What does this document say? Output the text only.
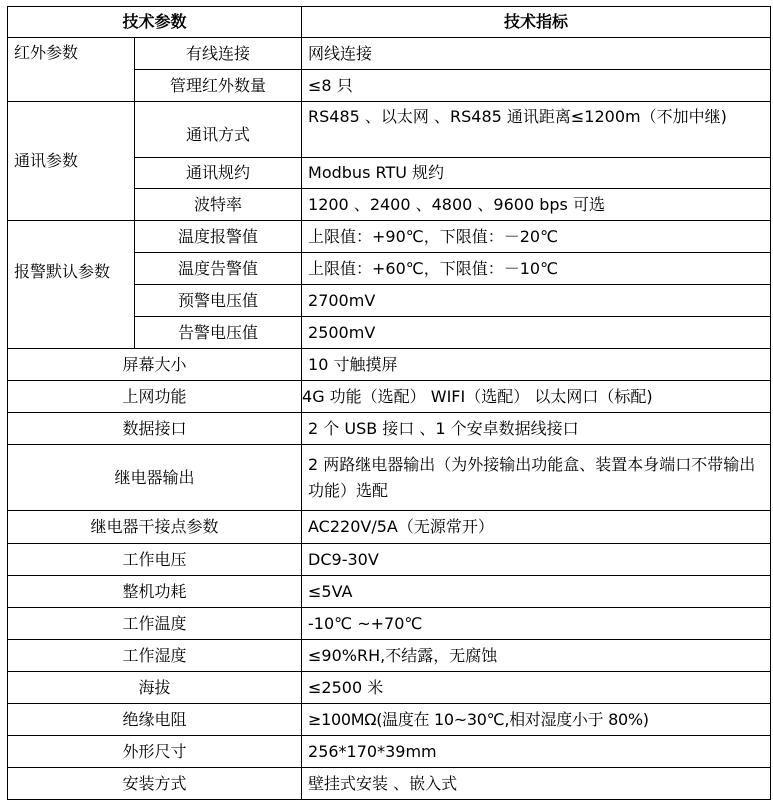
技术参数		技术指标
红外参数	有线连接	网线连接
	管理红外数量	≤8 只
通讯参数	通讯方式	RS485 、以太网 、RS485 通讯距离≤1200m（不加中继)
	通讯规约	Modbus RTU 规约
	波特率	1200 、2400 、4800 、9600 bps 可选
报警默认参数	温度报警值	上限值：+90℃，下限值：－20℃
	温度告警值	上限值：+60℃，下限值：－10℃
	预警电压值	2700mV
	告警电压值	2500mV
屏幕大小		10 寸触摸屏
上网功能		4G 功能（选配） WIFI（选配） 以太网口（标配)
数据接口		2 个 USB 接口 、1 个安卓数据线接口
继电器输出		2 两路继电器输出（为外接输出功能盒、装置本身端口不带输出功能）选配
继电器干接点参数		AC220V/5A（无源常开）
工作电压		DC9-30V
整机功耗		≤5VA
工作温度		-10℃ ~+70℃
工作湿度		≤90%RH,不结露，无腐蚀
海拔		≤2500 米
绝缘电阻		≥100MΩ(温度在 10~30℃,相对湿度小于 80%)
外形尺寸		256*170*39mm
安装方式		壁挂式安装 、嵌入式
